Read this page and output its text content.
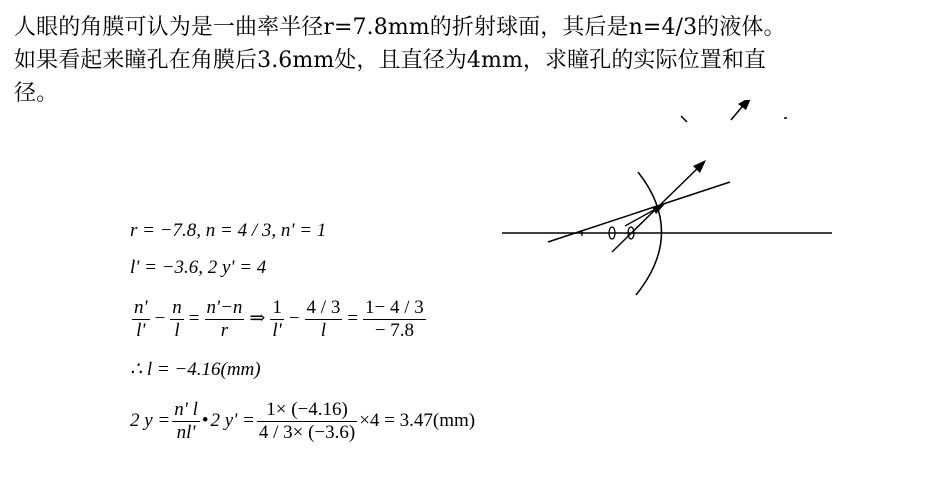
人眼的角膜可认为是一曲率半径r=7.8mm的折射球面，其后是n=4/3的液体。
如果看起来瞳孔在角膜后3.6mm处，且直径为4mm，求瞳孔的实际位置和直
径。
r = −7.8, n = 4 / 3, n' = 1
l' = −3.6, 2 y' = 4
$\frac{n'}{l'} - \frac{n}{l} = \frac{n'-n}{r}$ ⇒ $\frac{1}{l'} - \frac{4 / 3}{l} = \frac{1- 4 / 3}{- 7.8}$
∴ l = −4.16(mm)
2 $y = \frac{n' l}{nl'}$ • 2 $y' = \frac{1\times (-4.16)}{4 / 3\times (-3.6)} \times 4 = 3.47(mm)$
